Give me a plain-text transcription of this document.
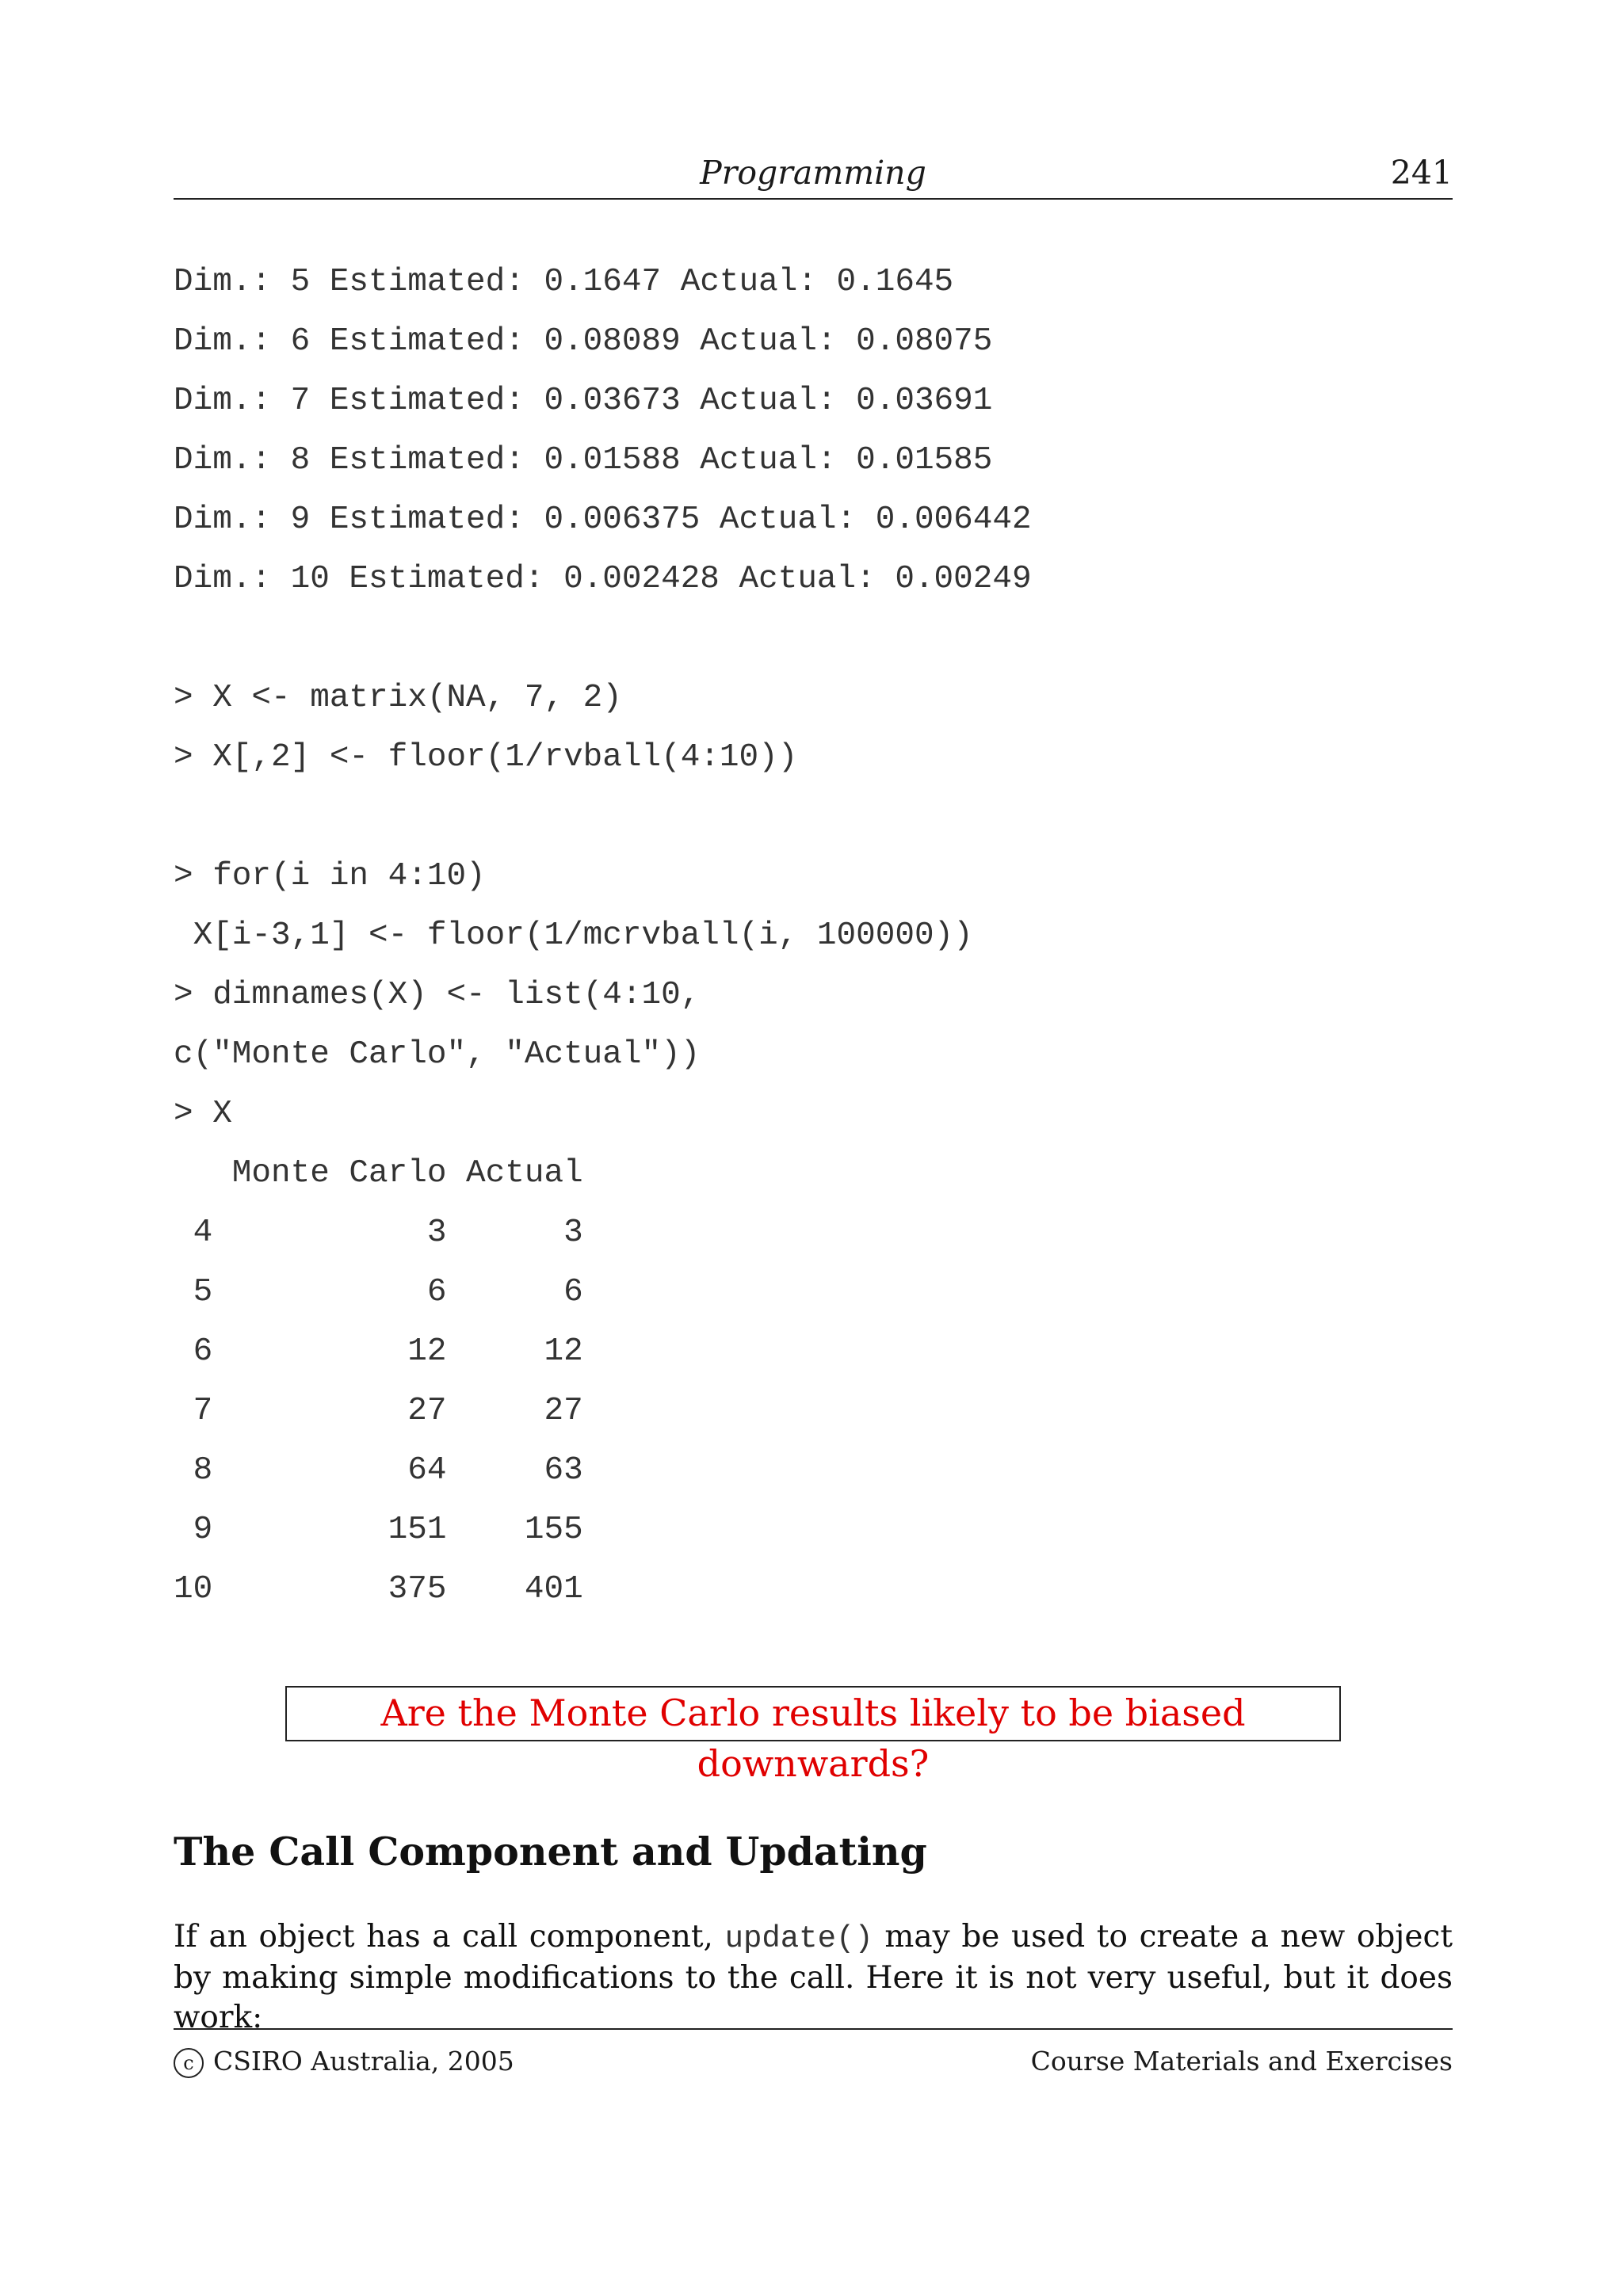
Programming	241
Dim.: 5 Estimated: 0.1647 Actual: 0.1645
Dim.: 6 Estimated: 0.08089 Actual: 0.08075
Dim.: 7 Estimated: 0.03673 Actual: 0.03691
Dim.: 8 Estimated: 0.01588 Actual: 0.01585
Dim.: 9 Estimated: 0.006375 Actual: 0.006442
Dim.: 10 Estimated: 0.002428 Actual: 0.00249
> X <- matrix(NA, 7, 2)
> X[,2] <- floor(1/rvball(4:10))
> for(i in 4:10)
X[i-3,1] <- floor(1/mcrvball(i, 100000))
> dimnames(X) <- list(4:10,
c("Monte Carlo", "Actual"))
> X
Monte Carlo Actual
4           3      3
5           6      6
6          12     12
7          27     27
8          64     63
9         151    155
10         375    401
Are the Monte Carlo results likely to be biased downwards?
The Call Component and Updating
If an object has a call component, update() may be used to create a new object by making simple modifications to the call. Here it is not very useful, but it does work:
c CSIRO Australia, 2005	Course Materials and Exercises
